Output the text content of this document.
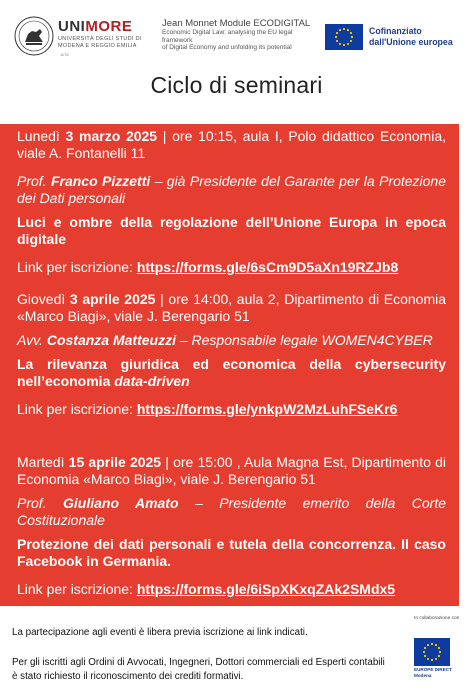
UNIMORE
UNIVERSITÀ DEGLI STUDI DI
MODENA E REGGIO EMILIA
1175
Jean Monnet Module ECODIGITAL
Economic Digital Law: analysing the EU legal framework
of Digital Economy and unfolding its potential
Cofinanziato
dall'Unione europea
Ciclo di seminari

Lunedì 3 marzo 2025 | ore 10:15, aula I, Polo didattico Economia, viale A. Fontanelli 11

Prof. Franco Pizzetti – già Presidente del Garante per la Protezione dei Dati personali

Luci e ombre della regolazione dell’Unione Europa in epoca digitale

Link per iscrizione: https://forms.gle/6sCm9D5aXn19RZJb8

Giovedì 3 aprile 2025 | ore 14:00, aula 2, Dipartimento di Economia «Marco Biagi», viale J. Berengario 51

Avv. Costanza Matteuzzi – Responsabile legale WOMEN4CYBER

La rilevanza giuridica ed economica della cybersecurity nell’economia data-driven

Link per iscrizione: https://forms.gle/ynkpW2MzLuhFSeKr6

Martedì 15 aprile 2025 | ore 15:00 , Aula Magna Est, Dipartimento di Economia «Marco Biagi», viale J. Berengario 51

Prof. Giuliano Amato – Presidente emerito della Corte Costituzionale

Protezione dei dati personali e tutela della concorrenza. Il caso Facebook in Germania.

Link per iscrizione: https://forms.gle/6iSpXKxqZAk2SMdx5

La partecipazione agli eventi è libera previa iscrizione ai link indicati.
Per gli iscritti agli Ordini di Avvocati, Ingegneri, Dottori commerciali ed Esperti contabili è stato richiesto il riconoscimento dei crediti formativi.
In collaborazione con
EUROPE DIRECT
Modena
